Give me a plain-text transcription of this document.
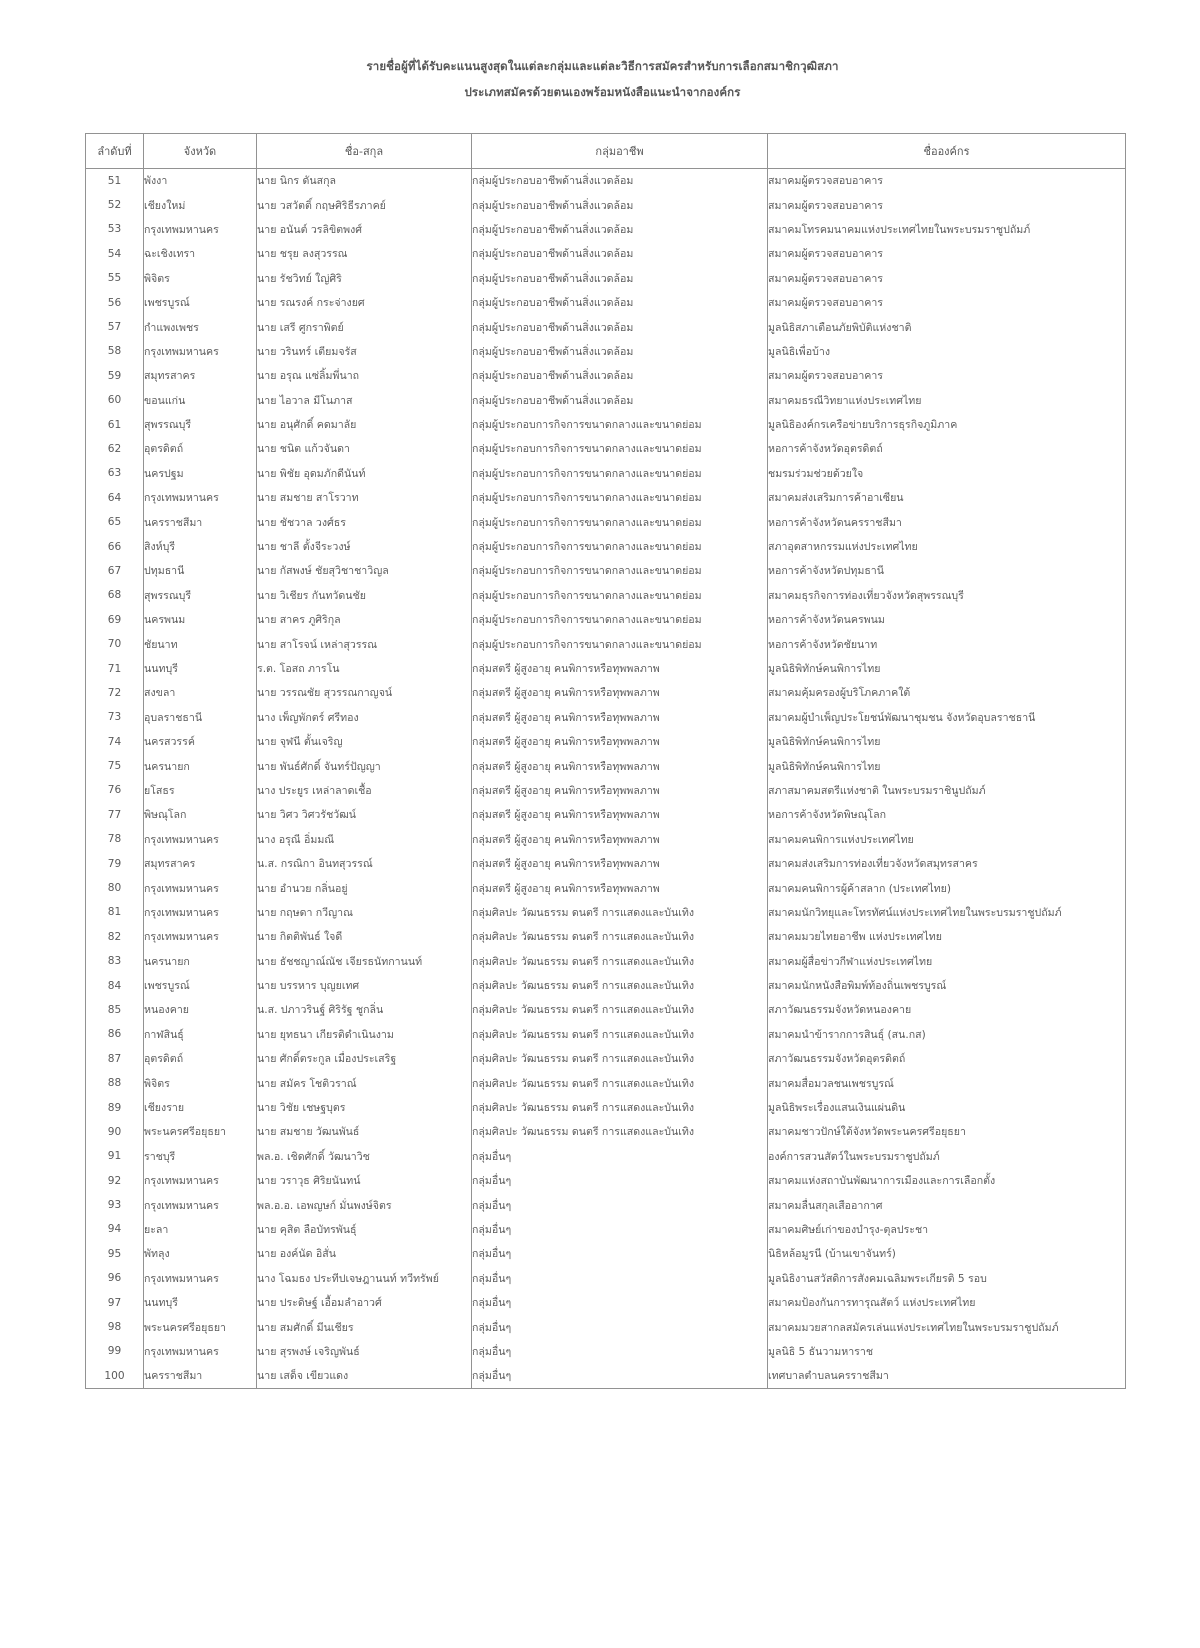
รายชื่อผู้ที่ได้รับคะแนนสูงสุดในแต่ละกลุ่มและแต่ละวิธีการสมัครสำหรับการเลือกสมาชิกวุฒิสภา
ประเภทสมัครด้วยตนเองพร้อมหนังสือแนะนำจากองค์กร
ลำดับที่	จังหวัด	ชื่อ-สกุล	กลุ่มอาชีพ	ชื่อองค์กร
51	พังงา	นาย นิกร ดันสกุล	กลุ่มผู้ประกอบอาชีพด้านสิ่งแวดล้อม	สมาคมผู้ตรวจสอบอาคาร
52	เชียงใหม่	นาย วสวัตติ์ กฤษศิริธีรภาคย์	กลุ่มผู้ประกอบอาชีพด้านสิ่งแวดล้อม	สมาคมผู้ตรวจสอบอาคาร
53	กรุงเทพมหานคร	นาย อนันต์ วรลิขิตพงศ์	กลุ่มผู้ประกอบอาชีพด้านสิ่งแวดล้อม	สมาคมโทรคมนาคมแห่งประเทศไทยในพระบรมราชูปถัมภ์
54	ฉะเชิงเทรา	นาย ชรุย ลงสุวรรณ	กลุ่มผู้ประกอบอาชีพด้านสิ่งแวดล้อม	สมาคมผู้ตรวจสอบอาคาร
55	พิจิตร	นาย รัชวิทย์ ใญ่ศิริ	กลุ่มผู้ประกอบอาชีพด้านสิ่งแวดล้อม	สมาคมผู้ตรวจสอบอาคาร
56	เพชรบูรณ์	นาย รณรงค์ กระจ่างยศ	กลุ่มผู้ประกอบอาชีพด้านสิ่งแวดล้อม	สมาคมผู้ตรวจสอบอาคาร
57	กำแพงเพชร	นาย เสรี ศูกราพิตย์	กลุ่มผู้ประกอบอาชีพด้านสิ่งแวดล้อม	มูลนิธิสภาเตือนภัยพิบัติแห่งชาติ
58	กรุงเทพมหานคร	นาย วรินทร์ เตียมจรัส	กลุ่มผู้ประกอบอาชีพด้านสิ่งแวดล้อม	มูลนิธิเพื่อบ้าง
59	สมุทรสาคร	นาย อรุณ แซ่ลิ้มพี่นาถ	กลุ่มผู้ประกอบอาชีพด้านสิ่งแวดล้อม	สมาคมผู้ตรวจสอบอาคาร
60	ขอนแก่น	นาย ไอวาล มีโนภาส	กลุ่มผู้ประกอบอาชีพด้านสิ่งแวดล้อม	สมาคมธรณีวิทยาแห่งประเทศไทย
61	สุพรรณบุรี	นาย อนุศักดิ์ คดมาลัย	กลุ่มผู้ประกอบการกิจการขนาดกลางและขนาดย่อม	มูลนิธิองค์กรเครือข่ายบริการธุรกิจภูมิภาค
62	อุตรดิตถ์	นาย ชนิต แก้วจันดา	กลุ่มผู้ประกอบการกิจการขนาดกลางและขนาดย่อม	หอการค้าจังหวัดอุตรดิตถ์
63	นครปฐม	นาย พิชัย อุดมภักดีนันท์	กลุ่มผู้ประกอบการกิจการขนาดกลางและขนาดย่อม	ชมรมร่วมช่วยด้วยใจ
64	กรุงเทพมหานคร	นาย สมชาย สาโรวาท	กลุ่มผู้ประกอบการกิจการขนาดกลางและขนาดย่อม	สมาคมส่งเสริมการค้าอาเซียน
65	นครราชสีมา	นาย ชัชวาล วงศ์ธร	กลุ่มผู้ประกอบการกิจการขนาดกลางและขนาดย่อม	หอการค้าจังหวัดนครราชสีมา
66	สิงห์บุรี	นาย ชาลี ตั้งจีระวงษ์	กลุ่มผู้ประกอบการกิจการขนาดกลางและขนาดย่อม	สภาอุตสาหกรรมแห่งประเทศไทย
67	ปทุมธานี	นาย กัสพงษ์ ชัยสุวิชาชาวิญล	กลุ่มผู้ประกอบการกิจการขนาดกลางและขนาดย่อม	หอการค้าจังหวัดปทุมธานี
68	สุพรรณบุรี	นาย วิเชียร กันทวัดนชัย	กลุ่มผู้ประกอบการกิจการขนาดกลางและขนาดย่อม	สมาคมธุรกิจการท่องเที่ยวจังหวัดสุพรรณบุรี
69	นครพนม	นาย สาคร ภูศิริกุล	กลุ่มผู้ประกอบการกิจการขนาดกลางและขนาดย่อม	หอการค้าจังหวัดนครพนม
70	ชัยนาท	นาย สาโรจน์ เหล่าสุวรรณ	กลุ่มผู้ประกอบการกิจการขนาดกลางและขนาดย่อม	หอการค้าจังหวัดชัยนาท
71	นนทบุรี	ร.ต. โอสถ ภารโน	กลุ่มสตรี ผู้สูงอายุ คนพิการหรือทุพพลภาพ	มูลนิธิพิทักษ์คนพิการไทย
72	สงขลา	นาย วรรณชัย สุวรรณกาญจน์	กลุ่มสตรี ผู้สูงอายุ คนพิการหรือทุพพลภาพ	สมาคมคุ้มครองผู้บริโภคภาคใต้
73	อุบลราชธานี	นาง เพ็ญพักตร์ ศรีทอง	กลุ่มสตรี ผู้สูงอายุ คนพิการหรือทุพพลภาพ	สมาคมผู้บำเพ็ญประโยชน์พัฒนาชุมชน จังหวัดอุบลราชธานี
74	นครสวรรค์	นาย จุฬนี ตั้นเจริญ	กลุ่มสตรี ผู้สูงอายุ คนพิการหรือทุพพลภาพ	มูลนิธิพิทักษ์คนพิการไทย
75	นครนายก	นาย พันธ์ศักดิ์ จันทร์ปัญญา	กลุ่มสตรี ผู้สูงอายุ คนพิการหรือทุพพลภาพ	มูลนิธิพิทักษ์คนพิการไทย
76	ยโสธร	นาง ประยูร เหล่าลาดเชื้อ	กลุ่มสตรี ผู้สูงอายุ คนพิการหรือทุพพลภาพ	สภาสมาคมสตรีแห่งชาติ ในพระบรมราชินูปถัมภ์
77	พิษณุโลก	นาย วิศว วิศวรัชวัฒน์	กลุ่มสตรี ผู้สูงอายุ คนพิการหรือทุพพลภาพ	หอการค้าจังหวัดพิษณุโลก
78	กรุงเทพมหานคร	นาง อรุณี อิ่มมณี	กลุ่มสตรี ผู้สูงอายุ คนพิการหรือทุพพลภาพ	สมาคมคนพิการแห่งประเทศไทย
79	สมุทรสาคร	น.ส. กรณิกา อินทสุวรรณ์	กลุ่มสตรี ผู้สูงอายุ คนพิการหรือทุพพลภาพ	สมาคมส่งเสริมการท่องเที่ยวจังหวัดสมุทรสาคร
80	กรุงเทพมหานคร	นาย อำนวย กลิ่นอยู่	กลุ่มสตรี ผู้สูงอายุ คนพิการหรือทุพพลภาพ	สมาคมคนพิการผู้ค้าสลาก (ประเทศไทย)
81	กรุงเทพมหานคร	นาย กฤษดา กวีญาณ	กลุ่มศิลปะ วัฒนธรรม ดนตรี การแสดงและบันเทิง	สมาคมนักวิทยุและโทรทัศน์แห่งประเทศไทยในพระบรมราชูปถัมภ์
82	กรุงเทพมหานคร	นาย กิตติพันธ์ ใจดี	กลุ่มศิลปะ วัฒนธรรม ดนตรี การแสดงและบันเทิง	สมาคมมวยไทยอาชีพ แห่งประเทศไทย
83	นครนายก	นาย ธัชชญาณ์ณัช เจียรธนัทกานนท์	กลุ่มศิลปะ วัฒนธรรม ดนตรี การแสดงและบันเทิง	สมาคมผู้สื่อข่าวกีฬาแห่งประเทศไทย
84	เพชรบูรณ์	นาย บรรหาร บุญยเทศ	กลุ่มศิลปะ วัฒนธรรม ดนตรี การแสดงและบันเทิง	สมาคมนักหนังสือพิมพ์ท้องถิ่นเพชรบูรณ์
85	หนองคาย	น.ส. ปภาวรินฐ์ ศิริรัฐ ชูกลิ่น	กลุ่มศิลปะ วัฒนธรรม ดนตรี การแสดงและบันเทิง	สภาวัฒนธรรมจังหวัดหนองคาย
86	กาฬสินธุ์	นาย ยุทธนา เกียรติดำเนินงาม	กลุ่มศิลปะ วัฒนธรรม ดนตรี การแสดงและบันเทิง	สมาคมนำข้ารากการสินธุ์ (สน.กส)
87	อุตรดิตถ์	นาย ศักดิ์ตระกูล เมื่องประเสริฐ	กลุ่มศิลปะ วัฒนธรรม ดนตรี การแสดงและบันเทิง	สภาวัฒนธรรมจังหวัดอุตรดิตถ์
88	พิจิตร	นาย สมัคร โชติวราณ์	กลุ่มศิลปะ วัฒนธรรม ดนตรี การแสดงและบันเทิง	สมาคมสื่อมวลชนเพชรบูรณ์
89	เชียงราย	นาย วิชัย เชษฐบุตร	กลุ่มศิลปะ วัฒนธรรม ดนตรี การแสดงและบันเทิง	มูลนิธิพระเรื่องแสนเงินแผ่นดิน
90	พระนครศรีอยุธยา	นาย สมชาย วัฒนพันธ์	กลุ่มศิลปะ วัฒนธรรม ดนตรี การแสดงและบันเทิง	สมาคมชาวปักษ์ใต้จังหวัดพระนครศรีอยุธยา
91	ราชบุรี	พล.อ. เชิดศักดิ์ วัฒนาวิช	กลุ่มอื่นๆ	องค์การสวนสัตว์ในพระบรมราชูปถัมภ์
92	กรุงเทพมหานคร	นาย วราวุธ ศิริยนันทน์	กลุ่มอื่นๆ	สมาคมแห่งสถาบันพัฒนาการเมืองและการเลือกตั้ง
93	กรุงเทพมหานคร	พล.อ.อ. เอพญษก์ มั่นพงษ์จิตร	กลุ่มอื่นๆ	สมาคมลื่นสกุลเสืออากาศ
94	ยะลา	นาย คุสิต ลือบัทรพันธุ์	กลุ่มอื่นๆ	สมาคมศิษย์เก่าของบำรุง-ตุลประชา
95	พัทลุง	นาย องค์นัด อิสั่น	กลุ่มอื่นๆ	นิธิหล้อมูรนี (บ้านเขาจันทร์)
96	กรุงเทพมหานคร	นาง โฉมธง ประทีปเจษฎานนท์ ทวีทรัพย์	กลุ่มอื่นๆ	มูลนิธิงานสวัสดิการสังคมเฉลิมพระเกียรติ 5 รอบ
97	นนทบุรี	นาย ประดิษฐ์ เอื้อมลำอาวศ์	กลุ่มอื่นๆ	สมาคมป้องกันการทารุณสัตว์ แห่งประเทศไทย
98	พระนครศรีอยุธยา	นาย สมศักดิ์ มีนเชียร	กลุ่มอื่นๆ	สมาคมมวยสากลสมัครเล่นแห่งประเทศไทยในพระบรมราชูปถัมภ์
99	กรุงเทพมหานคร	นาย สุรพงษ์ เจริญพันธ์	กลุ่มอื่นๆ	มูลนิธิ 5 ธันวามหาราช
100	นครราชสีมา	นาย เสด็จ เขียวแดง	กลุ่มอื่นๆ	เทศบาลตำบลนครราชสีมา
